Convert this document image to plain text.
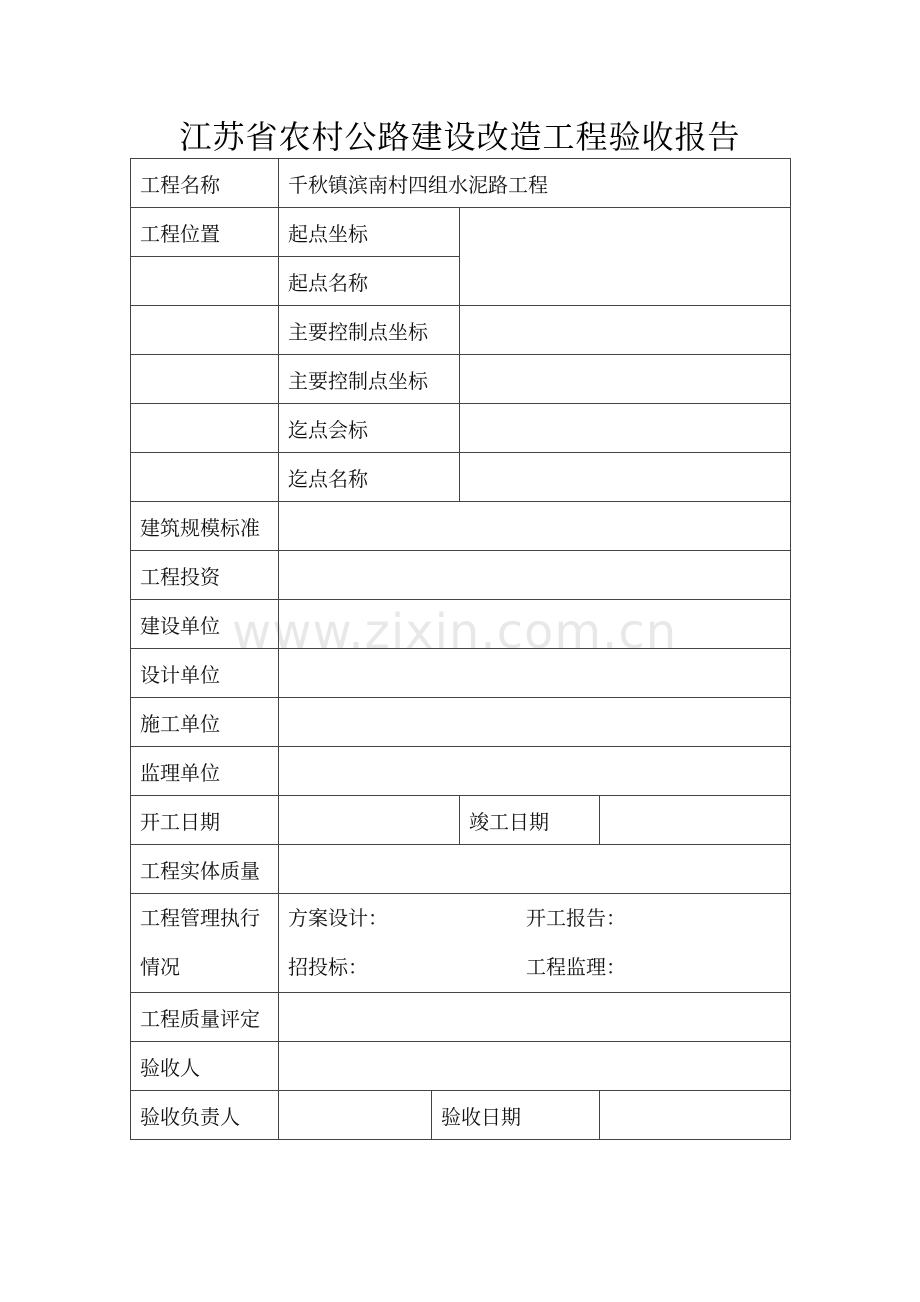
江苏省农村公路建设改造工程验收报告
www.zixin.com.cn
工程名称	千秋镇滨南村四组水泥路工程			
工程位置	起点坐标			
	起点名称			
	主要控制点坐标			
	主要控制点坐标			
	迄点会标			
	迄点名称			
建筑规模标准				
工程投资				
建设单位				
设计单位				
施工单位				
监理单位				
开工日期			竣工日期	
工程实体质量				
工程管理执行情况	方案设计： 开工报告：
招投标： 工程监理：			

工程质量评定				
验收人				
验收负责人		验收日期		
